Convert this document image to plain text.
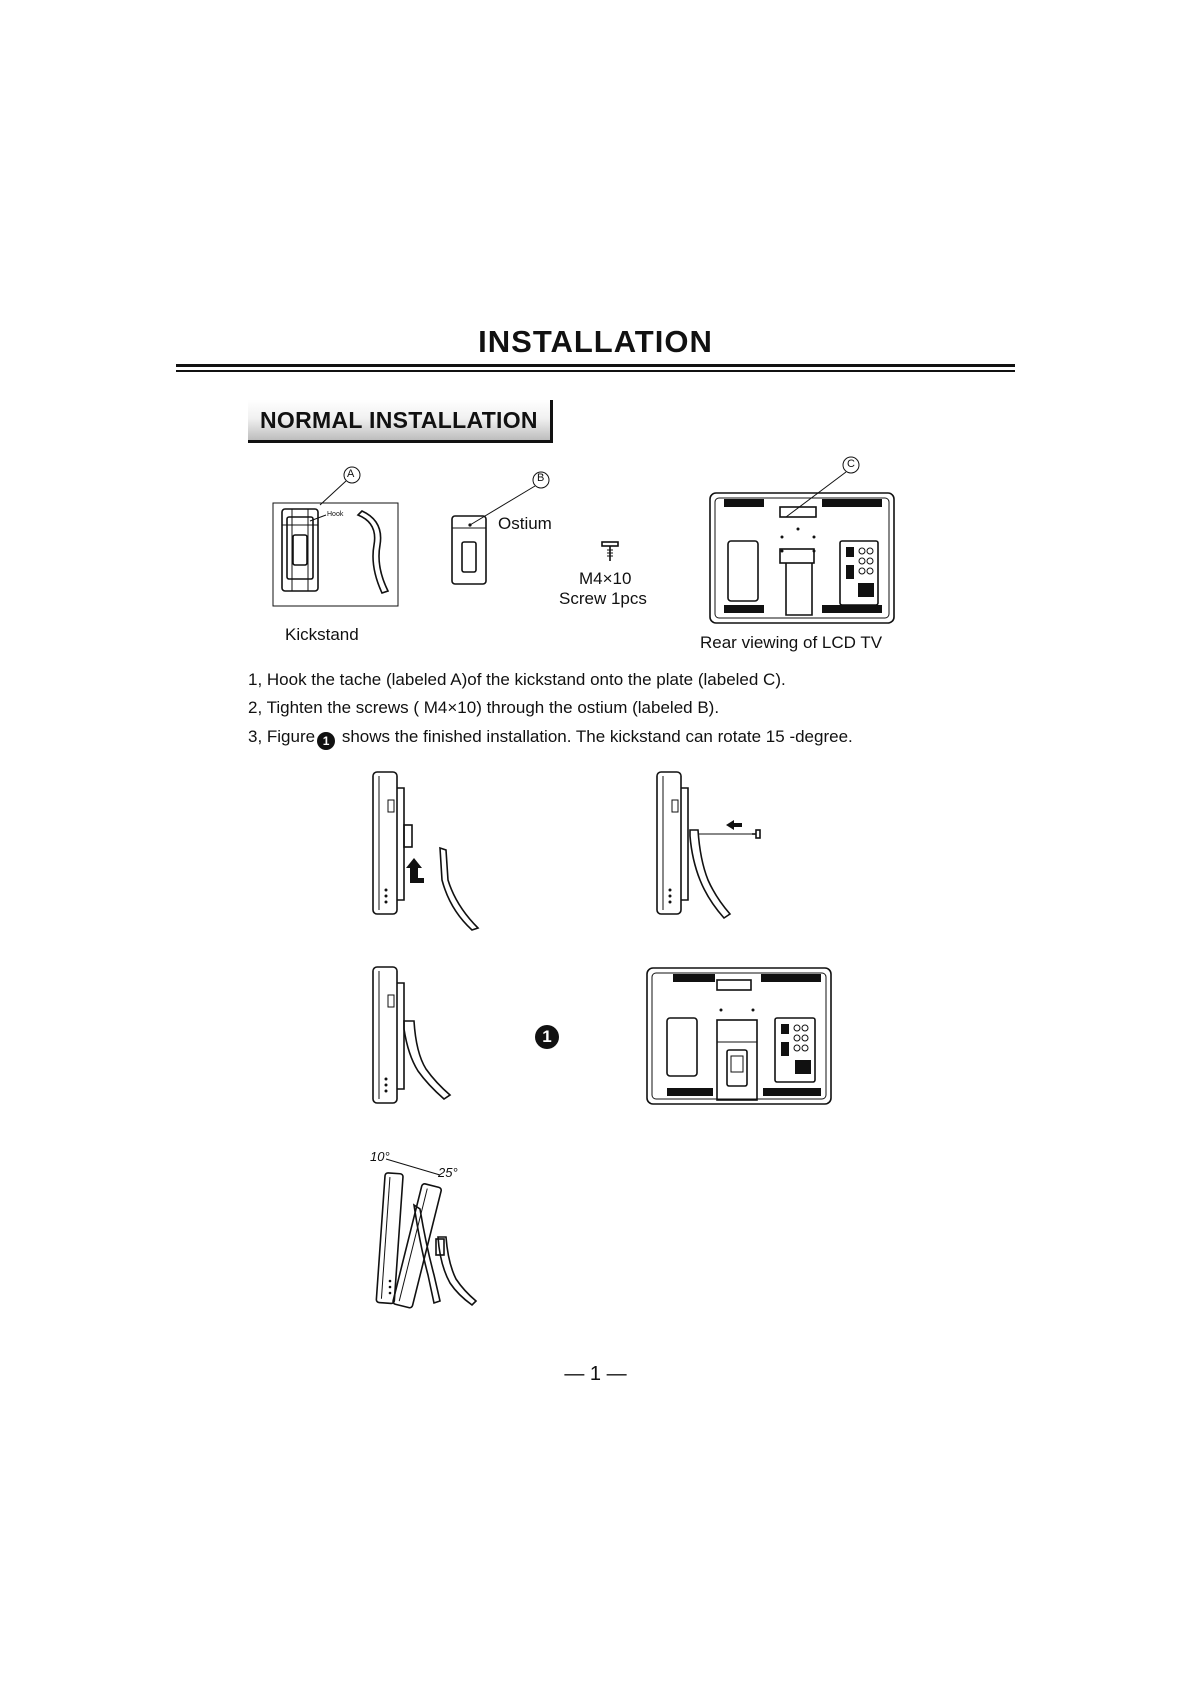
INSTALLATION
NORMAL INSTALLATION
A
Hook
Kickstand
B
Ostium
M4×10
Screw 1pcs
C
Rear viewing of LCD TV
1, Hook the tache (labeled A)of the kickstand onto the plate (labeled C).
2, Tighten the screws ( M4×10) through the ostium (labeled B).
3, Figure 1 shows the finished installation. The kickstand can rotate 15 -degree.
1
10°
25°
— 1 —
